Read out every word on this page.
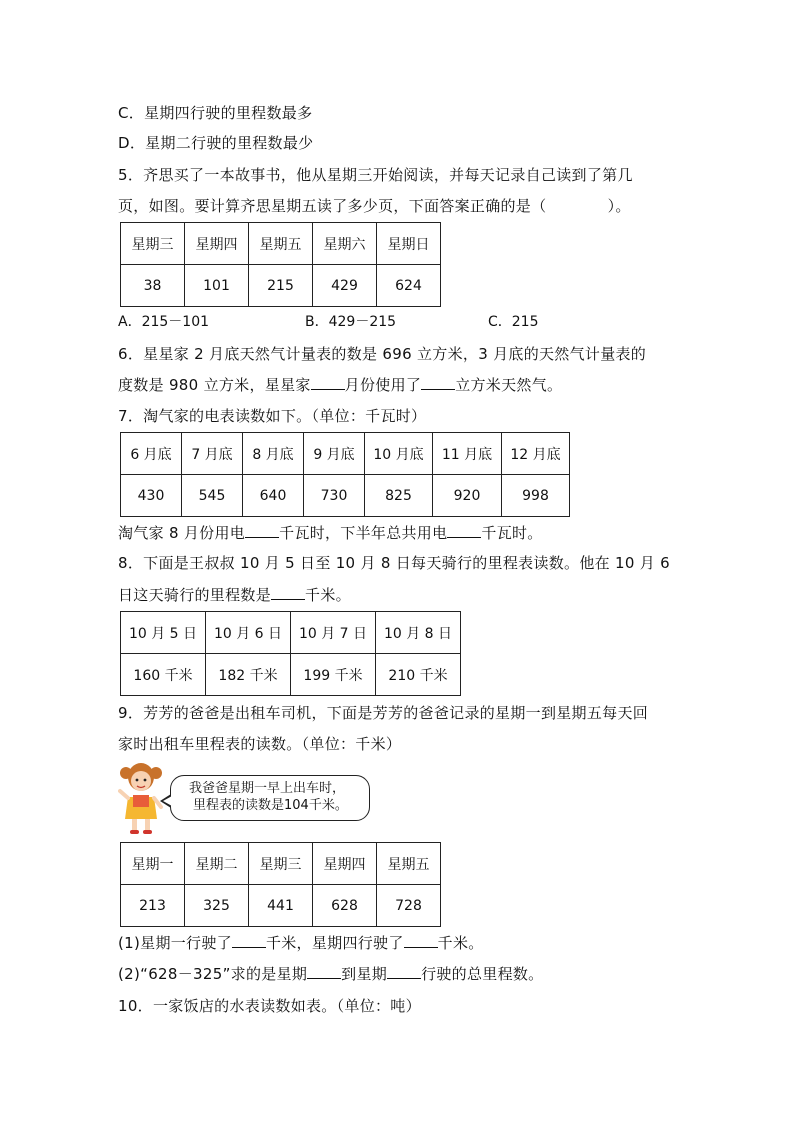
C．星期四行驶的里程数最多
D．星期二行驶的里程数最少
5．齐思买了一本故事书，他从星期三开始阅读，并每天记录自己读到了第几
页，如图。要计算齐思星期五读了多少页，下面答案正确的是（　　　　）。
星期三	星期四	星期五	星期六	星期日
38	101	215	429	624
A．215－101	B．429－215	C．215
6．星星家 2 月底天然气计量表的数是 696 立方米，3 月底的天然气计量表的
度数是 980 立方米，星星家 月份使用了 立方米天然气。
7．淘气家的电表读数如下。（单位：千瓦时）
6 月底	7 月底	8 月底	9 月底	10 月底	11 月底	12 月底
430	545	640	730	825	920	998
淘气家 8 月份用电 千瓦时，下半年总共用电 千瓦时。
8．下面是王叔叔 10 月 5 日至 10 月 8 日每天骑行的里程表读数。他在 10 月 6
日这天骑行的里程数是 千米。
10 月 5 日	10 月 6 日	10 月 7 日	10 月 8 日
160 千米	182 千米	199 千米	210 千米
9．芳芳的爸爸是出租车司机，下面是芳芳的爸爸记录的星期一到星期五每天回
家时出租车里程表的读数。（单位：千米）
我爸爸星期一早上出车时，
里程表的读数是104千米。
星期一	星期二	星期三	星期四	星期五
213	325	441	628	728
(1)星期一行驶了 千米，星期四行驶了 千米。
(2)“628－325”求的是星期 到星期 行驶的总里程数。
10．一家饭店的水表读数如表。（单位：吨）
